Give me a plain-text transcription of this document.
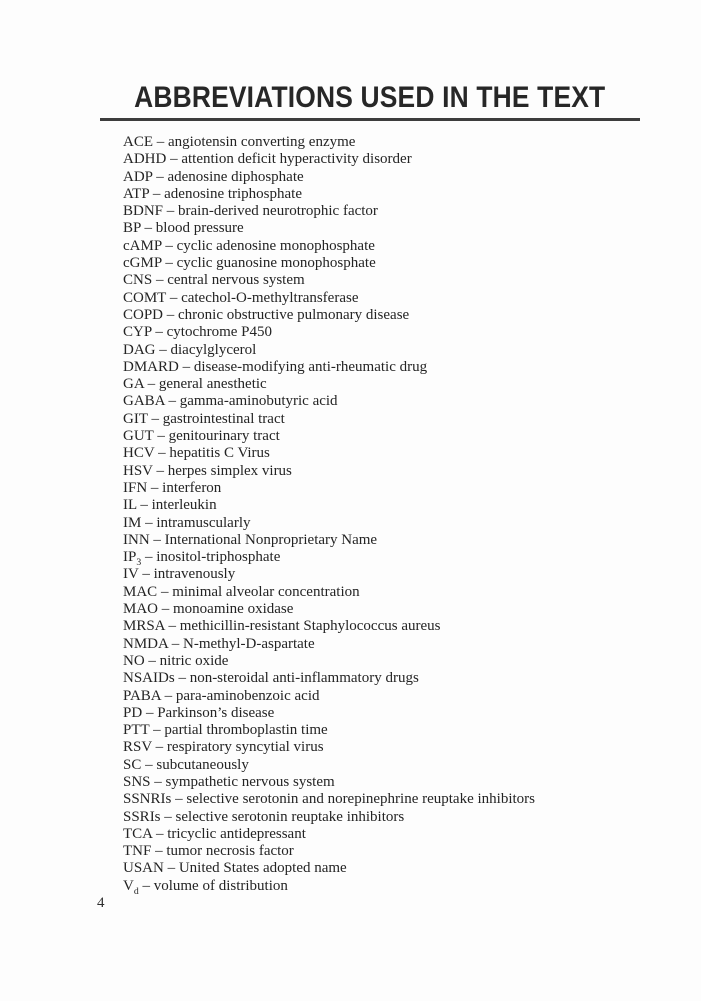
ABBREVIATIONS USED IN THE TEXT
ACE – angiotensin converting enzyme
ADHD – attention deficit hyperactivity disorder
ADP – adenosine diphosphate
ATP – adenosine triphosphate
BDNF – brain-derived neurotrophic factor
BP – blood pressure
cAMP – cyclic adenosine monophosphate
cGMP – cyclic guanosine monophosphate
CNS – central nervous system
COMT – catechol-O-methyltransferase
COPD – chronic obstructive pulmonary disease
CYP – cytochrome P450
DAG – diacylglycerol
DMARD – disease-modifying anti-rheumatic drug
GA – general anesthetic
GABA – gamma-aminobutyric acid
GIT – gastrointestinal tract
GUT – genitourinary tract
HCV – hepatitis C Virus
HSV – herpes simplex virus
IFN – interferon
IL – interleukin
IM – intramuscularly
INN – International Nonproprietary Name
$IP_3$ – inositol-triphosphate
IV – intravenously
MAC – minimal alveolar concentration
MAO – monoamine oxidase
MRSA – methicillin-resistant Staphylococcus aureus
NMDA – N-methyl-D-aspartate
NO – nitric oxide
NSAIDs – non-steroidal anti-inflammatory drugs
PABA – para-aminobenzoic acid
PD – Parkinson’s disease
PTT – partial thromboplastin time
RSV – respiratory syncytial virus
SC – subcutaneously
SNS – sympathetic nervous system
SSNRIs – selective serotonin and norepinephrine reuptake inhibitors
SSRIs – selective serotonin reuptake inhibitors
TCA – tricyclic antidepressant
TNF – tumor necrosis factor
USAN – United States adopted name
$V_d$ – volume of distribution
4
